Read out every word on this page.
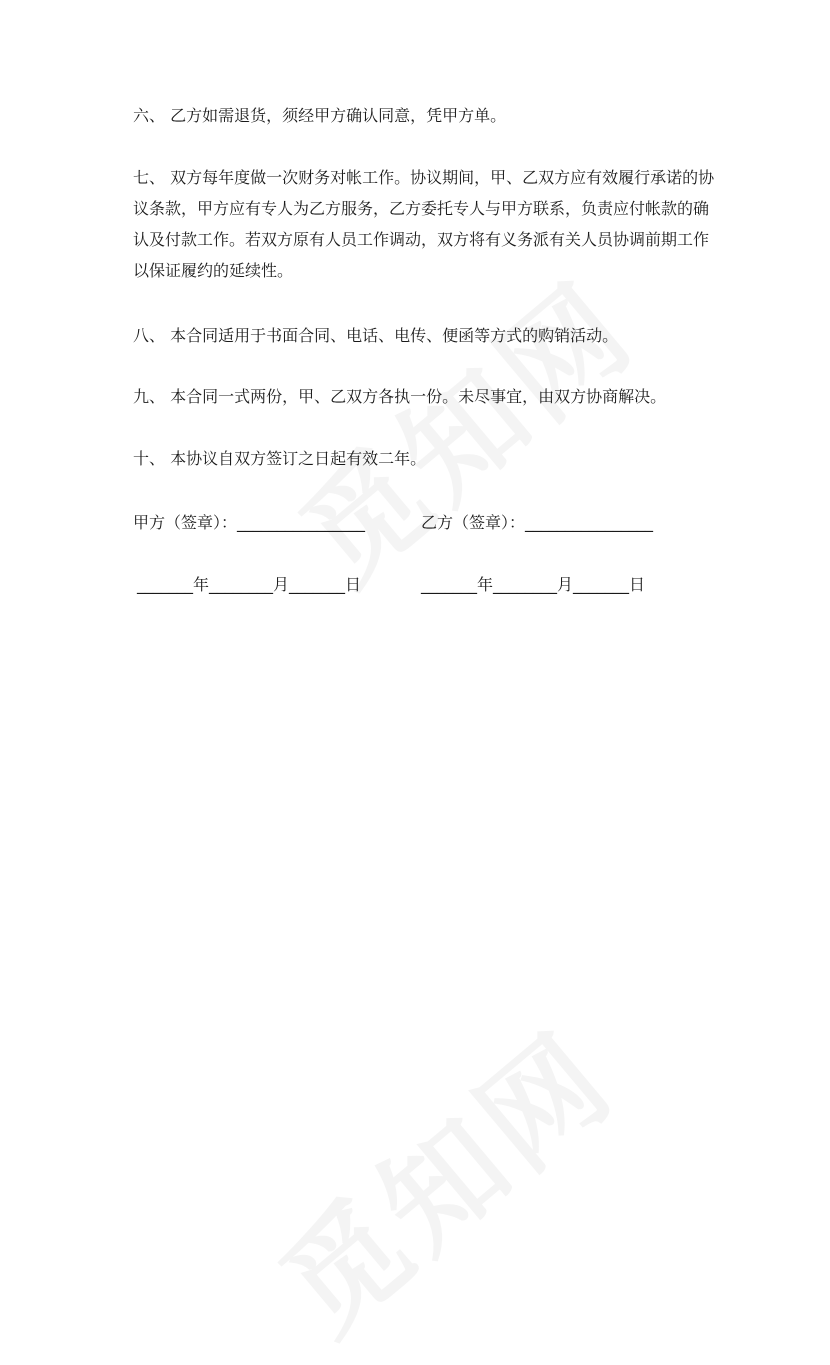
六、 乙方如需退货，须经甲方确认同意，凭甲方单。

七、 双方每年度做一次财务对帐工作。协议期间，甲、乙双方应有效履行承诺的协议条款，甲方应有专人为乙方服务，乙方委托专人与甲方联系，负责应付帐款的确认及付款工作。若双方原有人员工作调动，双方将有义务派有关人员协调前期工作以保证履约的延续性。

八、 本合同适用于书面合同、电话、电传、便函等方式的购销活动。

九、 本合同一式两份，甲、乙双方各执一份。未尽事宜，由双方协商解决。

十、 本协议自双方签订之日起有效二年。

甲方（签章）：________________	乙方（签章）：________________
_______年________月_______日	_______年________月_______日
